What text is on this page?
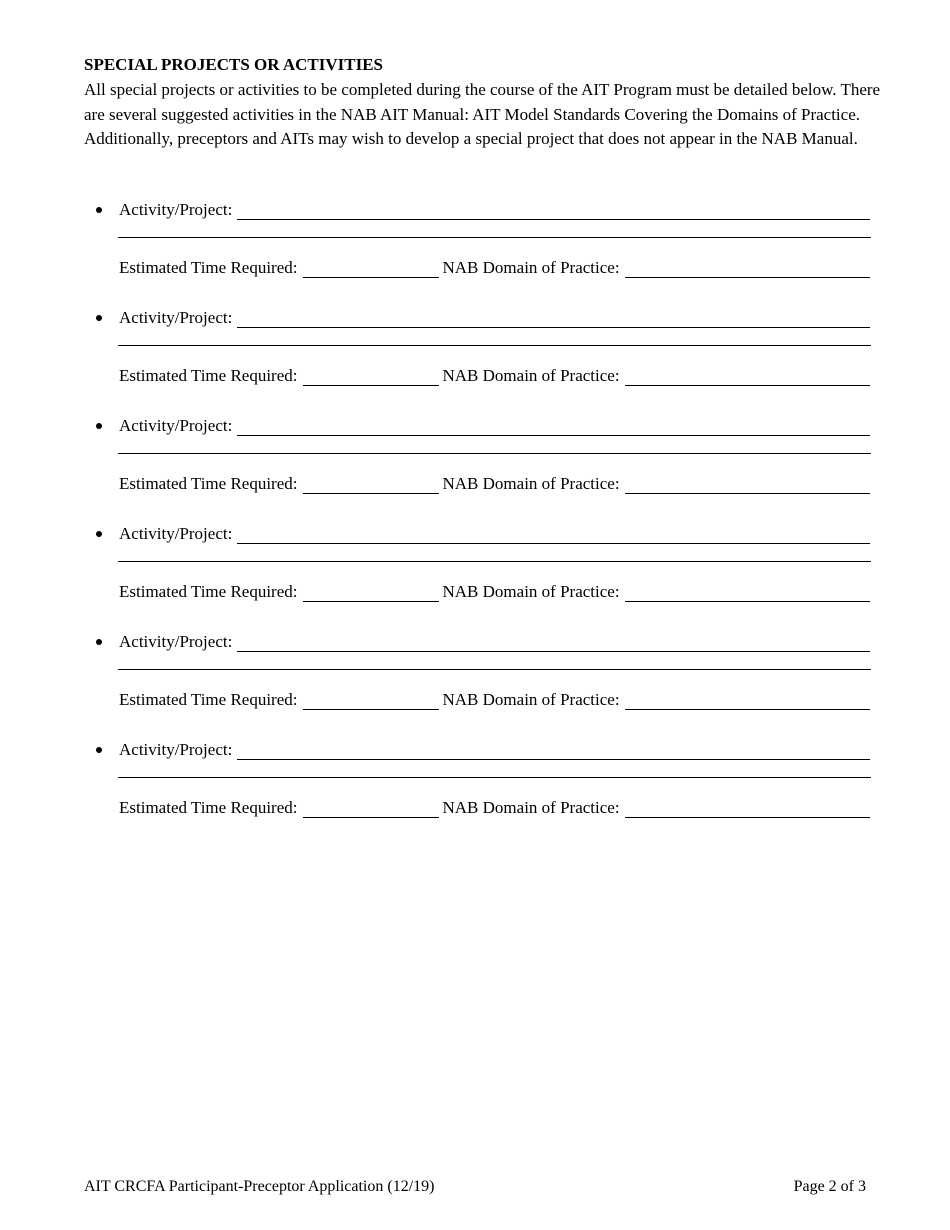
SPECIAL PROJECTS OR ACTIVITIES

All special projects or activities to be completed during the course of the AIT Program must be detailed below. There are several suggested activities in the NAB AIT Manual: AIT Model Standards Covering the Domains of Practice. Additionally, preceptors and AITs may wish to develop a special project that does not appear in the NAB Manual.

Activity/Project:
Estimated Time Required:	NAB Domain of Practice:
Activity/Project:
Estimated Time Required:	NAB Domain of Practice:
Activity/Project:
Estimated Time Required:	NAB Domain of Practice:
Activity/Project:
Estimated Time Required:	NAB Domain of Practice:
Activity/Project:
Estimated Time Required:	NAB Domain of Practice:
Activity/Project:
Estimated Time Required:	NAB Domain of Practice:
AIT CRCFA Participant-Preceptor Application (12/19)	Page 2 of 3
